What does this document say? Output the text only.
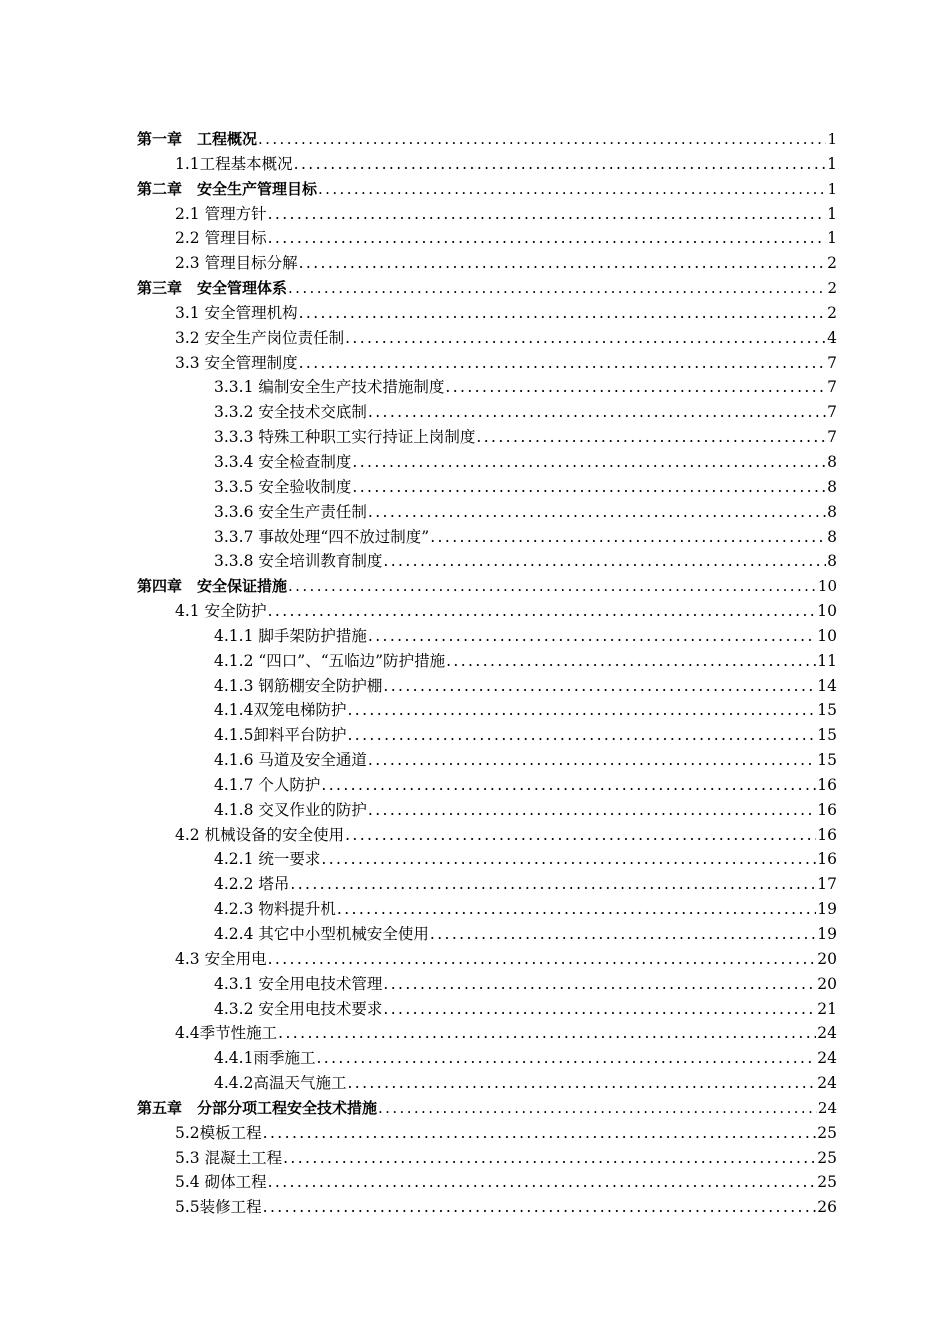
第一章　工程概况 .....	1
1.1工程基本概况 .....	1
第二章　安全生产管理目标 .....	1
2.1 管理方针 .....	1
2.2 管理目标 .....	1
2.3 管理目标分解 .....	2
第三章　安全管理体系 .....	2
3.1 安全管理机构 .....	2
3.2 安全生产岗位责任制 .....	4
3.3 安全管理制度 .....	7
3.3.1 编制安全生产技术措施制度 .....	7
3.3.2 安全技术交底制 .....	7
3.3.3 特殊工种职工实行持证上岗制度 .....	7
3.3.4 安全检查制度 .....	8
3.3.5 安全验收制度 .....	8
3.3.6 安全生产责任制 .....	8
3.3.7 事故处理“四不放过制度” .....	8
3.3.8 安全培训教育制度 .....	8
第四章　安全保证措施 .....	10
4.1 安全防护 .....	10
4.1.1 脚手架防护措施 .....	10
4.1.2 “四口”、“五临边”防护措施 .....	11
4.1.3 钢筋棚安全防护棚 .....	14
4.1.4双笼电梯防护 .....	15
4.1.5卸料平台防护 .....	15
4.1.6 马道及安全通道 .....	15
4.1.7 个人防护 .....	16
4.1.8 交叉作业的防护 .....	16
4.2 机械设备的安全使用 .....	16
4.2.1 统一要求 .....	16
4.2.2 塔吊 .....	17
4.2.3 物料提升机 .....	19
4.2.4 其它中小型机械安全使用 .....	19
4.3 安全用电 .....	20
4.3.1 安全用电技术管理 .....	20
4.3.2 安全用电技术要求 .....	21
4.4季节性施工 .....	24
4.4.1雨季施工 .....	24
4.4.2高温天气施工 .....	24
第五章　分部分项工程安全技术措施 .....	24
5.2模板工程 .....	25
5.3 混凝土工程 .....	25
5.4 砌体工程 .....	25
5.5装修工程 .....	26
